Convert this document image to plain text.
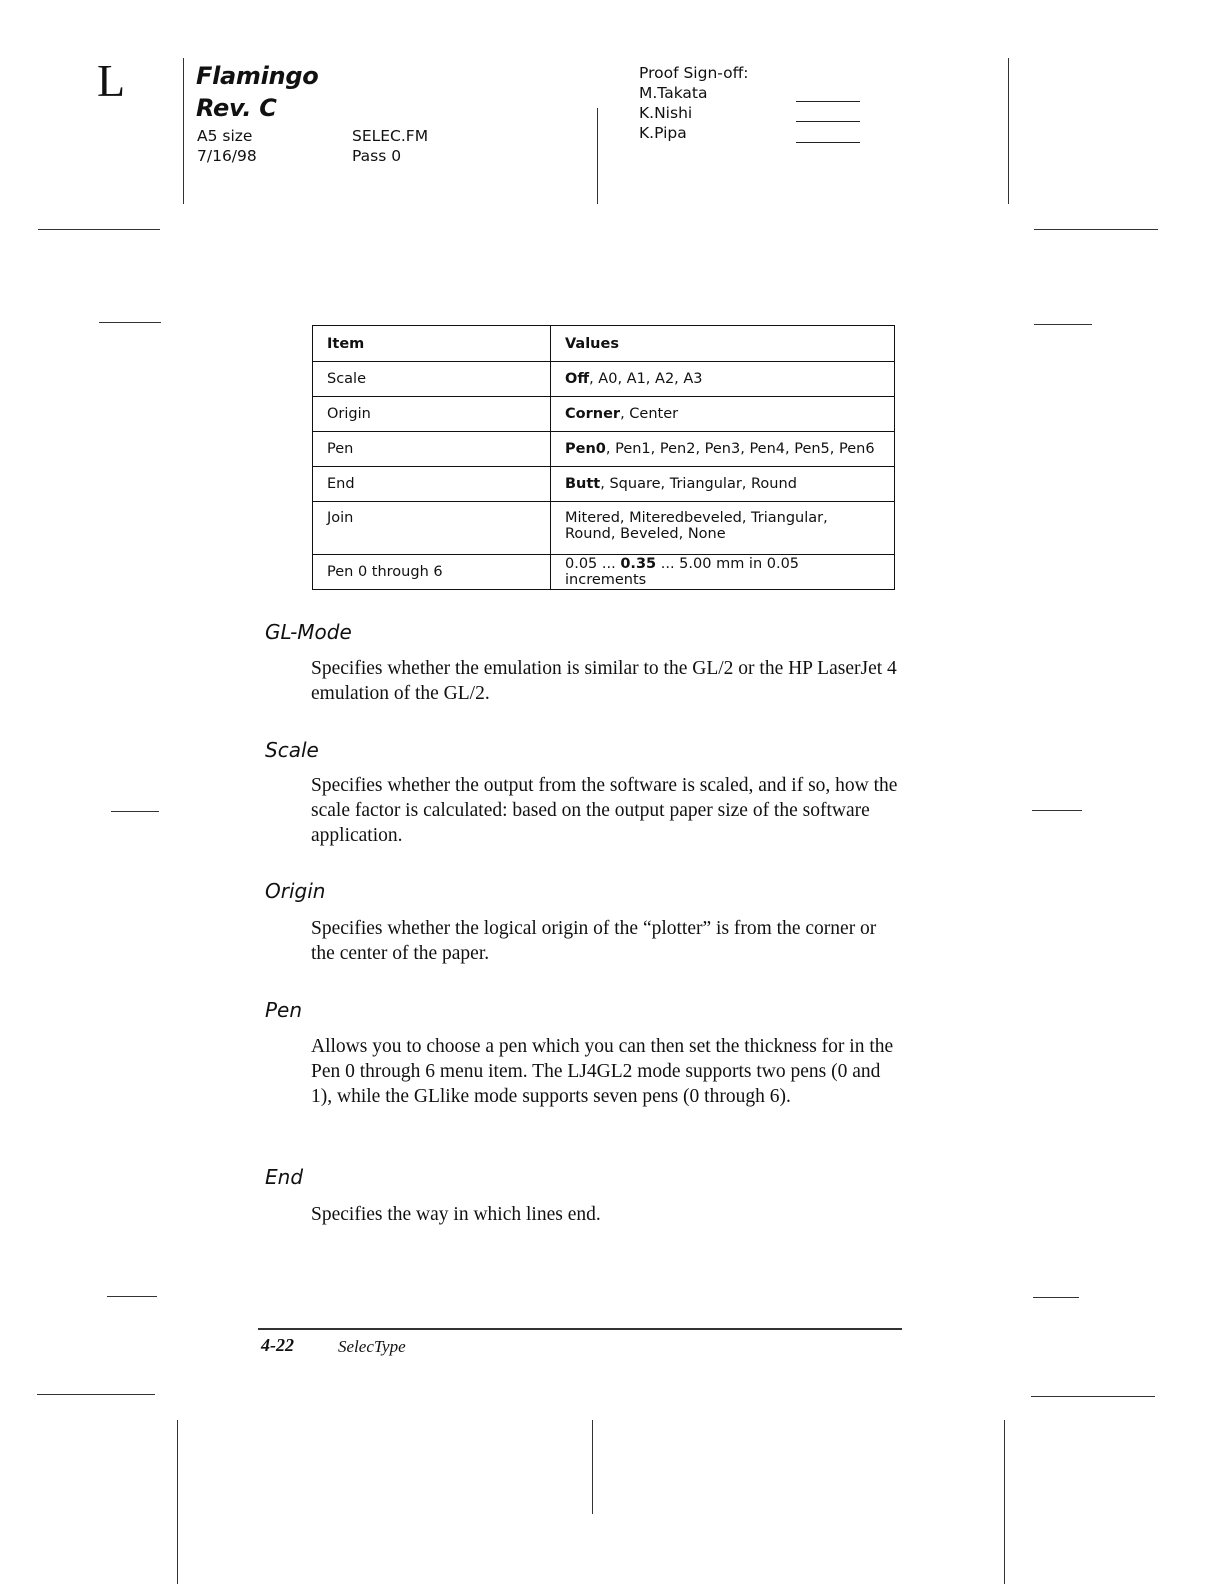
L	Flamingo
Rev. C
A5 size
7/16/98
SELEC.FM
Pass 0
Proof Sign-off:
M.Takata
K.Nishi
K.Pipa
Item	Values
Scale	Off, A0, A1, A2, A3
Origin	Corner, Center
Pen	Pen0, Pen1, Pen2, Pen3, Pen4, Pen5, Pen6
End	Butt, Square, Triangular, Round
Join	Mitered, Miteredbeveled, Triangular,
Round, Beveled, None
Pen 0 through 6	0.05 ... 0.35 ... 5.00 mm in 0.05 increments
GL-Mode
Specifies whether the emulation is similar to the GL/2 or the HP LaserJet 4 emulation of the GL/2.
Scale
Specifies whether the output from the software is scaled, and if so, how the scale factor is calculated: based on the output paper size of the software application.
Origin
Specifies whether the logical origin of the “plotter” is from the corner or the center of the paper.
Pen
Allows you to choose a pen which you can then set the thickness for in the Pen 0 through 6 menu item. The LJ4GL2 mode supports two pens (0 and 1), while the GLlike mode supports seven pens (0 through 6).
End
Specifies the way in which lines end.
4-22	SelecType
